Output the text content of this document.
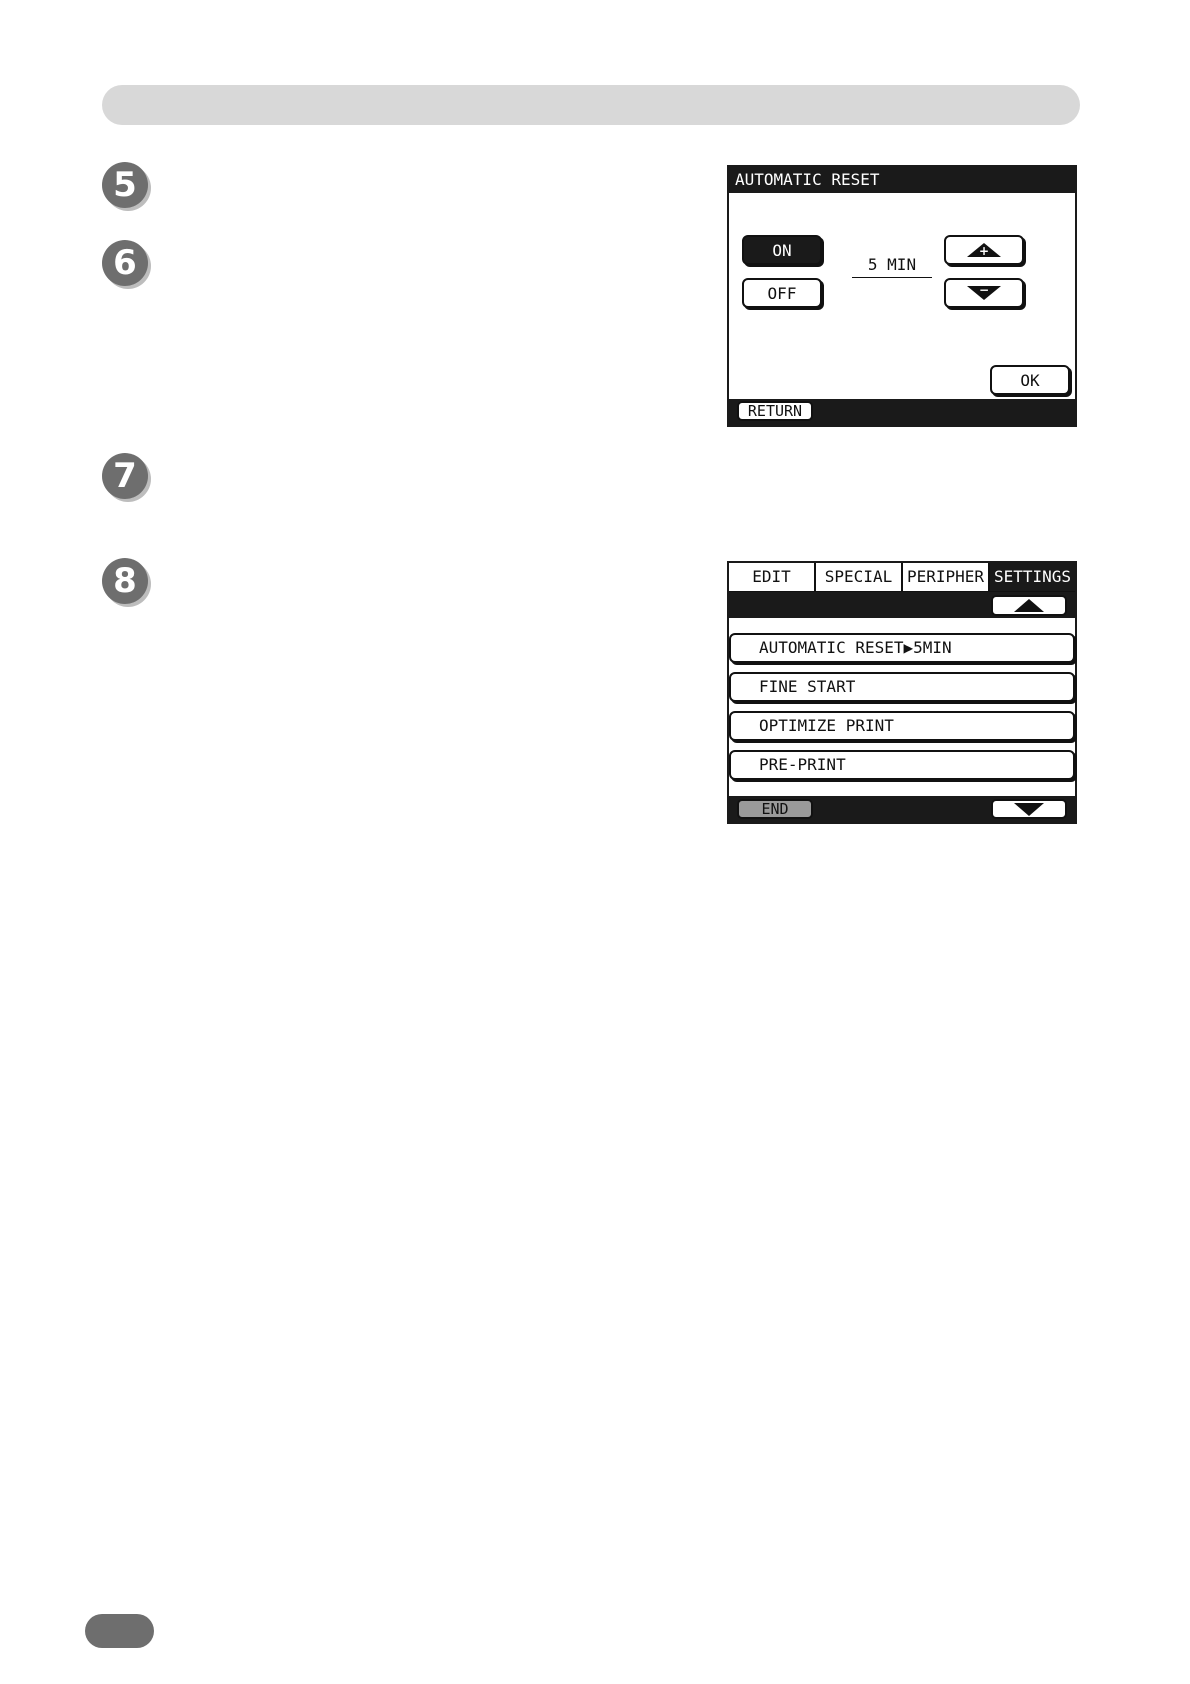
5
6
7
8
AUTOMATIC RESET
ON
OFF
5 MIN
+
−
OK
RETURN
EDIT	SPECIAL PERIPHER SETTINGS
AUTOMATIC RESET▶5MIN
FINE START
OPTIMIZE PRINT
PRE-PRINT
END
